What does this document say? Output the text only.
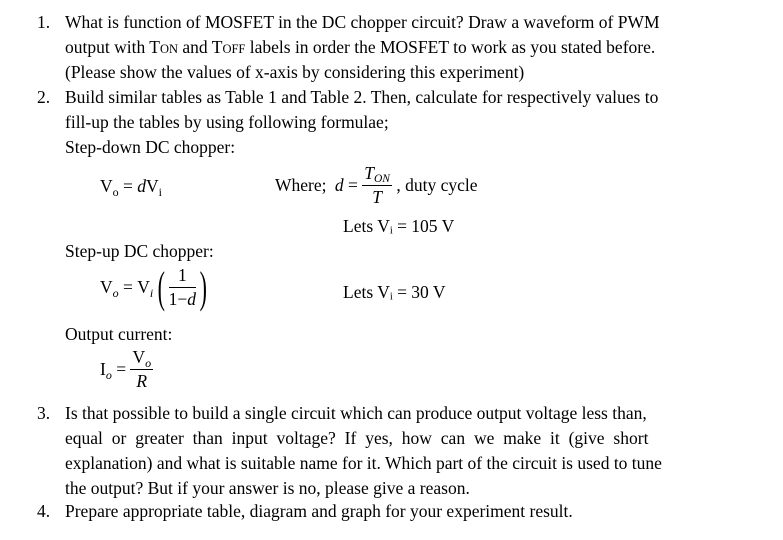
1. What is function of MOSFET in the DC chopper circuit? Draw a waveform of PWM
output with TON and TOFF labels in order the MOSFET to work as you stated before.
(Please show the values of x-axis by considering this experiment)
2. Build similar tables as Table 1 and Table 2. Then, calculate for respectively values to
fill-up the tables by using following formulae;
Step-down DC chopper:
$V_o = dV_i$	Where; $d = \frac{\text{TON}}{T}$ , duty cycle
Lets Vᵢ = 105 V
Step-up DC chopper:
$V_o = V_i$ ( $\frac{1}{1-d}$ )	Lets Vᵢ = 30 V
Output current:
$I_o = \frac{V_o}{R}$
3. Is that possible to build a single circuit which can produce output voltage less than,
equal or greater than input voltage? If yes, how can we make it (give short
explanation) and what is suitable name for it. Which part of the circuit is used to tune
the output? But if your answer is no, please give a reason.
4. Prepare appropriate table, diagram and graph for your experiment result.
